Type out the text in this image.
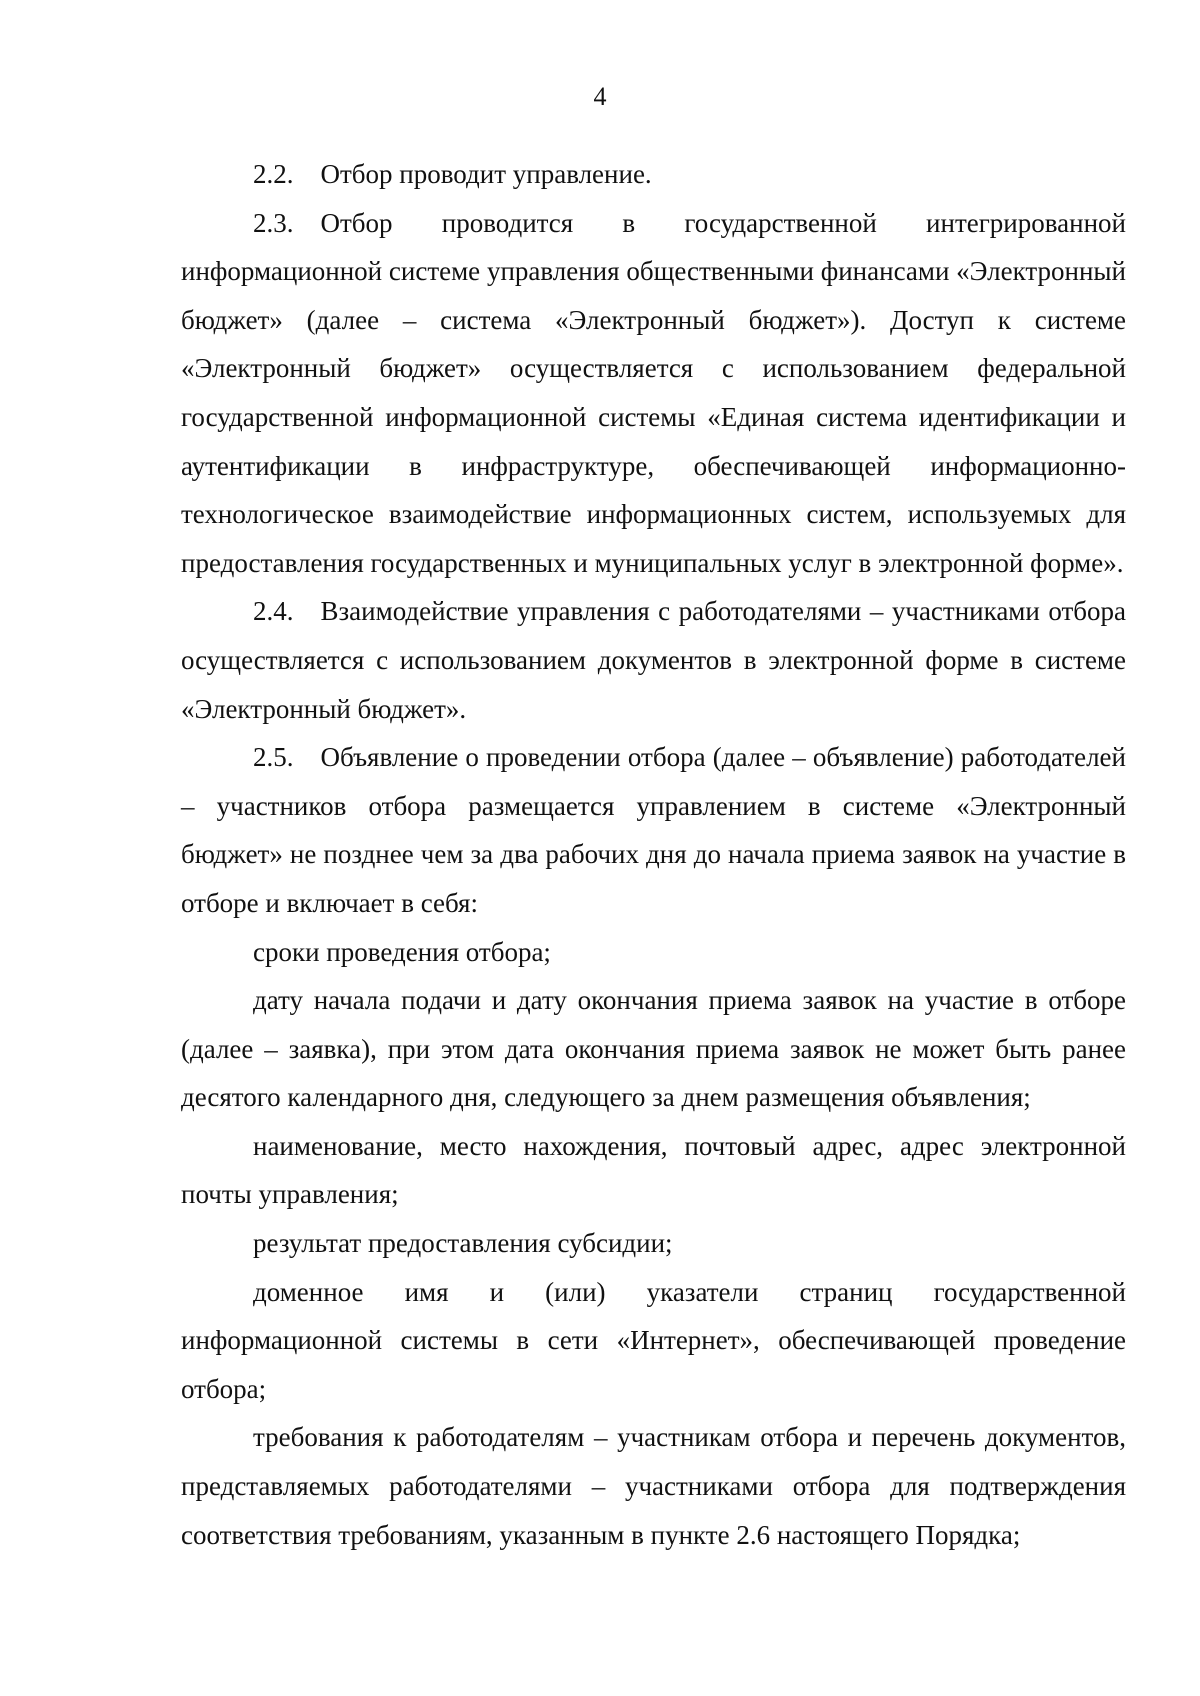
4

2.2. Отбор проводит управление.

2.3. Отбор проводится в государственной интегрированной информационной системе управления общественными финансами «Электронный бюджет» (далее – система «Электронный бюджет»). Доступ к системе «Электронный бюджет» осуществляется с использованием федеральной государственной информационной системы «Единая система идентификации и аутентификации в инфраструктуре, обеспечивающей информационно-технологическое взаимодействие информационных систем, используемых для предоставления государственных и муниципальных услуг в электронной форме».

2.4. Взаимодействие управления с работодателями – участниками отбора осуществляется с использованием документов в электронной форме в системе «Электронный бюджет».

2.5. Объявление о проведении отбора (далее – объявление) работодателей – участников отбора размещается управлением в системе «Электронный бюджет» не позднее чем за два рабочих дня до начала приема заявок на участие в отборе и включает в себя:

сроки проведения отбора;

дату начала подачи и дату окончания приема заявок на участие в отборе (далее – заявка), при этом дата окончания приема заявок не может быть ранее десятого календарного дня, следующего за днем размещения объявления;

наименование, место нахождения, почтовый адрес, адрес электронной почты управления;

результат предоставления субсидии;

доменное имя и (или) указатели страниц государственной информационной системы в сети «Интернет», обеспечивающей проведение отбора;

требования к работодателям – участникам отбора и перечень документов, представляемых работодателями – участниками отбора для подтверждения соответствия требованиям, указанным в пункте 2.6 настоящего Порядка;
